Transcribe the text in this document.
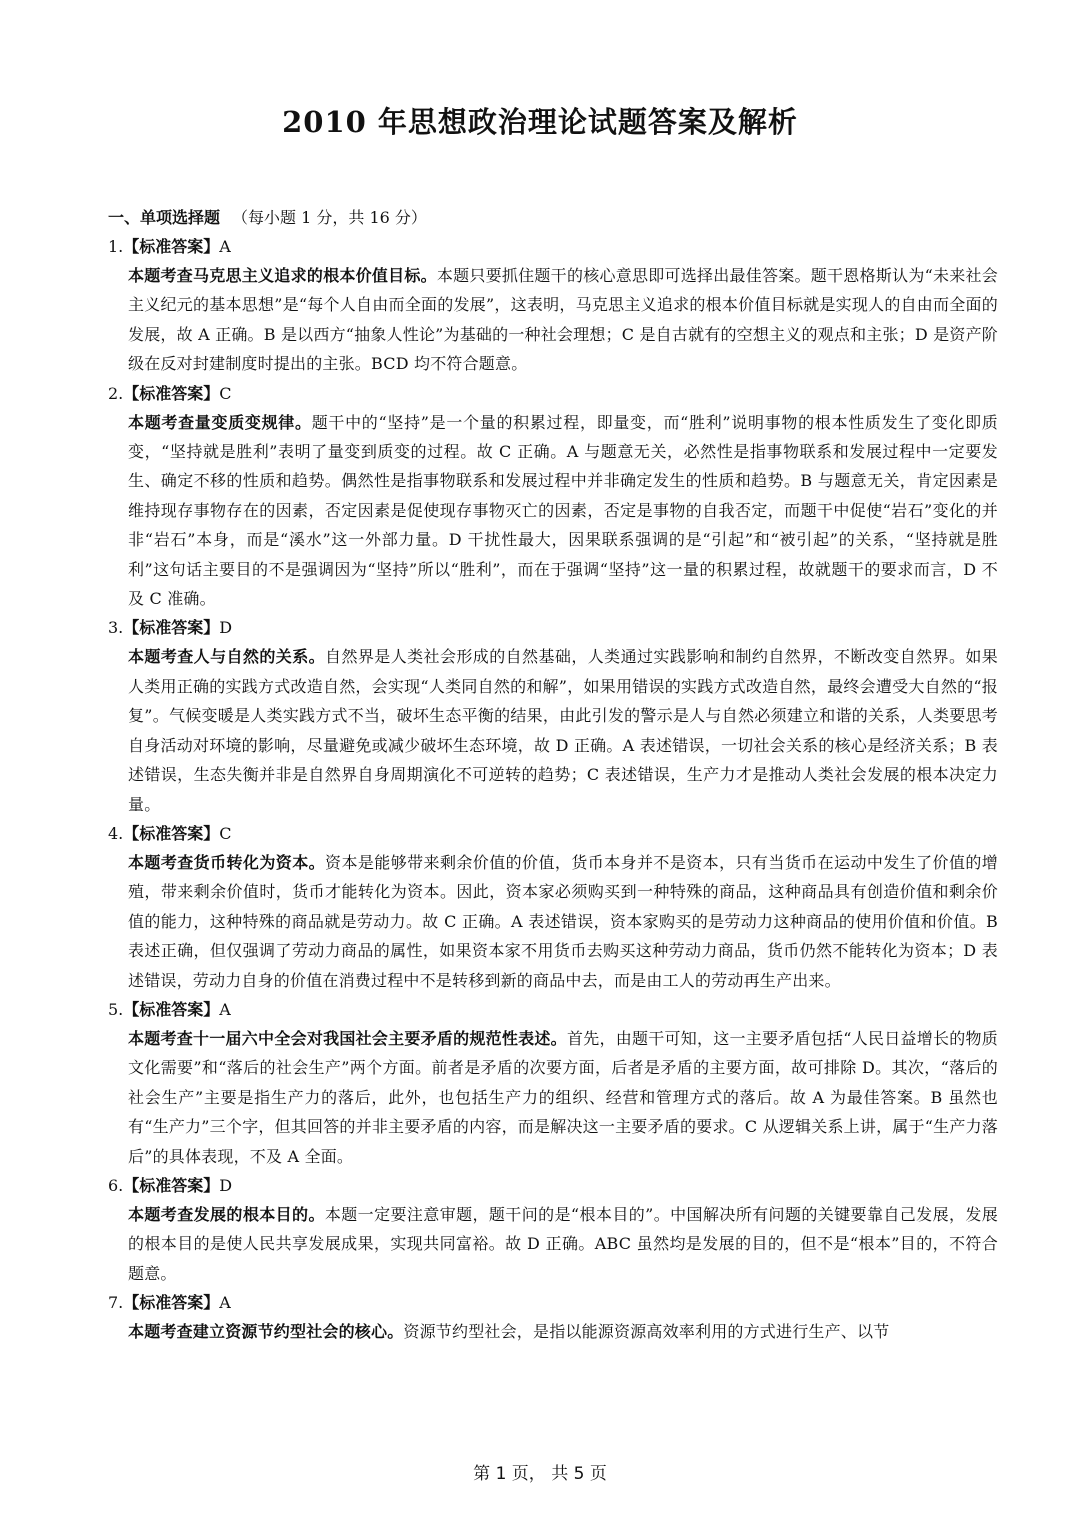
2010 年思想政治理论试题答案及解析
一、单项选择题 （每小题 1 分，共 16 分）
1.【标准答案】A
本题考查马克思主义追求的根本价值目标。本题只要抓住题干的核心意思即可选择出最佳答案。题干恩格斯认为“未来社会主义纪元的基本思想”是“每个人自由而全面的发展”，这表明，马克思主义追求的根本价值目标就是实现人的自由而全面的发展，故 A 正确。B 是以西方“抽象人性论”为基础的一种社会理想；C 是自古就有的空想主义的观点和主张；D 是资产阶级在反对封建制度时提出的主张。BCD 均不符合题意。
2.【标准答案】C
本题考查量变质变规律。题干中的“坚持”是一个量的积累过程，即量变，而“胜利”说明事物的根本性质发生了变化即质变，“坚持就是胜利”表明了量变到质变的过程。故 C 正确。A 与题意无关，必然性是指事物联系和发展过程中一定要发生、确定不移的性质和趋势。偶然性是指事物联系和发展过程中并非确定发生的性质和趋势。B 与题意无关，肯定因素是维持现存事物存在的因素，否定因素是促使现存事物灭亡的因素，否定是事物的自我否定，而题干中促使“岩石”变化的并非“岩石”本身，而是“溪水”这一外部力量。D 干扰性最大，因果联系强调的是“引起”和“被引起”的关系，“坚持就是胜利”这句话主要目的不是强调因为“坚持”所以“胜利”，而在于强调“坚持”这一量的积累过程，故就题干的要求而言，D 不及 C 准确。
3.【标准答案】D
本题考查人与自然的关系。自然界是人类社会形成的自然基础，人类通过实践影响和制约自然界，不断改变自然界。如果人类用正确的实践方式改造自然，会实现“人类同自然的和解”，如果用错误的实践方式改造自然，最终会遭受大自然的“报复”。气候变暖是人类实践方式不当，破坏生态平衡的结果，由此引发的警示是人与自然必须建立和谐的关系，人类要思考自身活动对环境的影响，尽量避免或减少破坏生态环境，故 D 正确。A 表述错误，一切社会关系的核心是经济关系；B 表述错误，生态失衡并非是自然界自身周期演化不可逆转的趋势；C 表述错误，生产力才是推动人类社会发展的根本决定力量。
4.【标准答案】C
本题考查货币转化为资本。资本是能够带来剩余价值的价值，货币本身并不是资本，只有当货币在运动中发生了价值的增殖，带来剩余价值时，货币才能转化为资本。因此，资本家必须购买到一种特殊的商品，这种商品具有创造价值和剩余价值的能力，这种特殊的商品就是劳动力。故 C 正确。A 表述错误，资本家购买的是劳动力这种商品的使用价值和价值。B 表述正确，但仅强调了劳动力商品的属性，如果资本家不用货币去购买这种劳动力商品，货币仍然不能转化为资本；D 表述错误，劳动力自身的价值在消费过程中不是转移到新的商品中去，而是由工人的劳动再生产出来。
5.【标准答案】A
本题考查十一届六中全会对我国社会主要矛盾的规范性表述。首先，由题干可知，这一主要矛盾包括“人民日益增长的物质文化需要”和“落后的社会生产”两个方面。前者是矛盾的次要方面，后者是矛盾的主要方面，故可排除 D。其次，“落后的社会生产”主要是指生产力的落后，此外，也包括生产力的组织、经营和管理方式的落后。故 A 为最佳答案。B 虽然也有“生产力”三个字，但其回答的并非主要矛盾的内容，而是解决这一主要矛盾的要求。C 从逻辑关系上讲，属于“生产力落后”的具体表现，不及 A 全面。
6.【标准答案】D
本题考查发展的根本目的。本题一定要注意审题，题干问的是“根本目的”。中国解决所有问题的关键要靠自己发展，发展的根本目的是使人民共享发展成果，实现共同富裕。故 D 正确。ABC 虽然均是发展的目的，但不是“根本”目的，不符合题意。
7.【标准答案】A
本题考查建立资源节约型社会的核心。资源节约型社会，是指以能源资源高效率利用的方式进行生产、以节
第 1 页， 共 5 页
